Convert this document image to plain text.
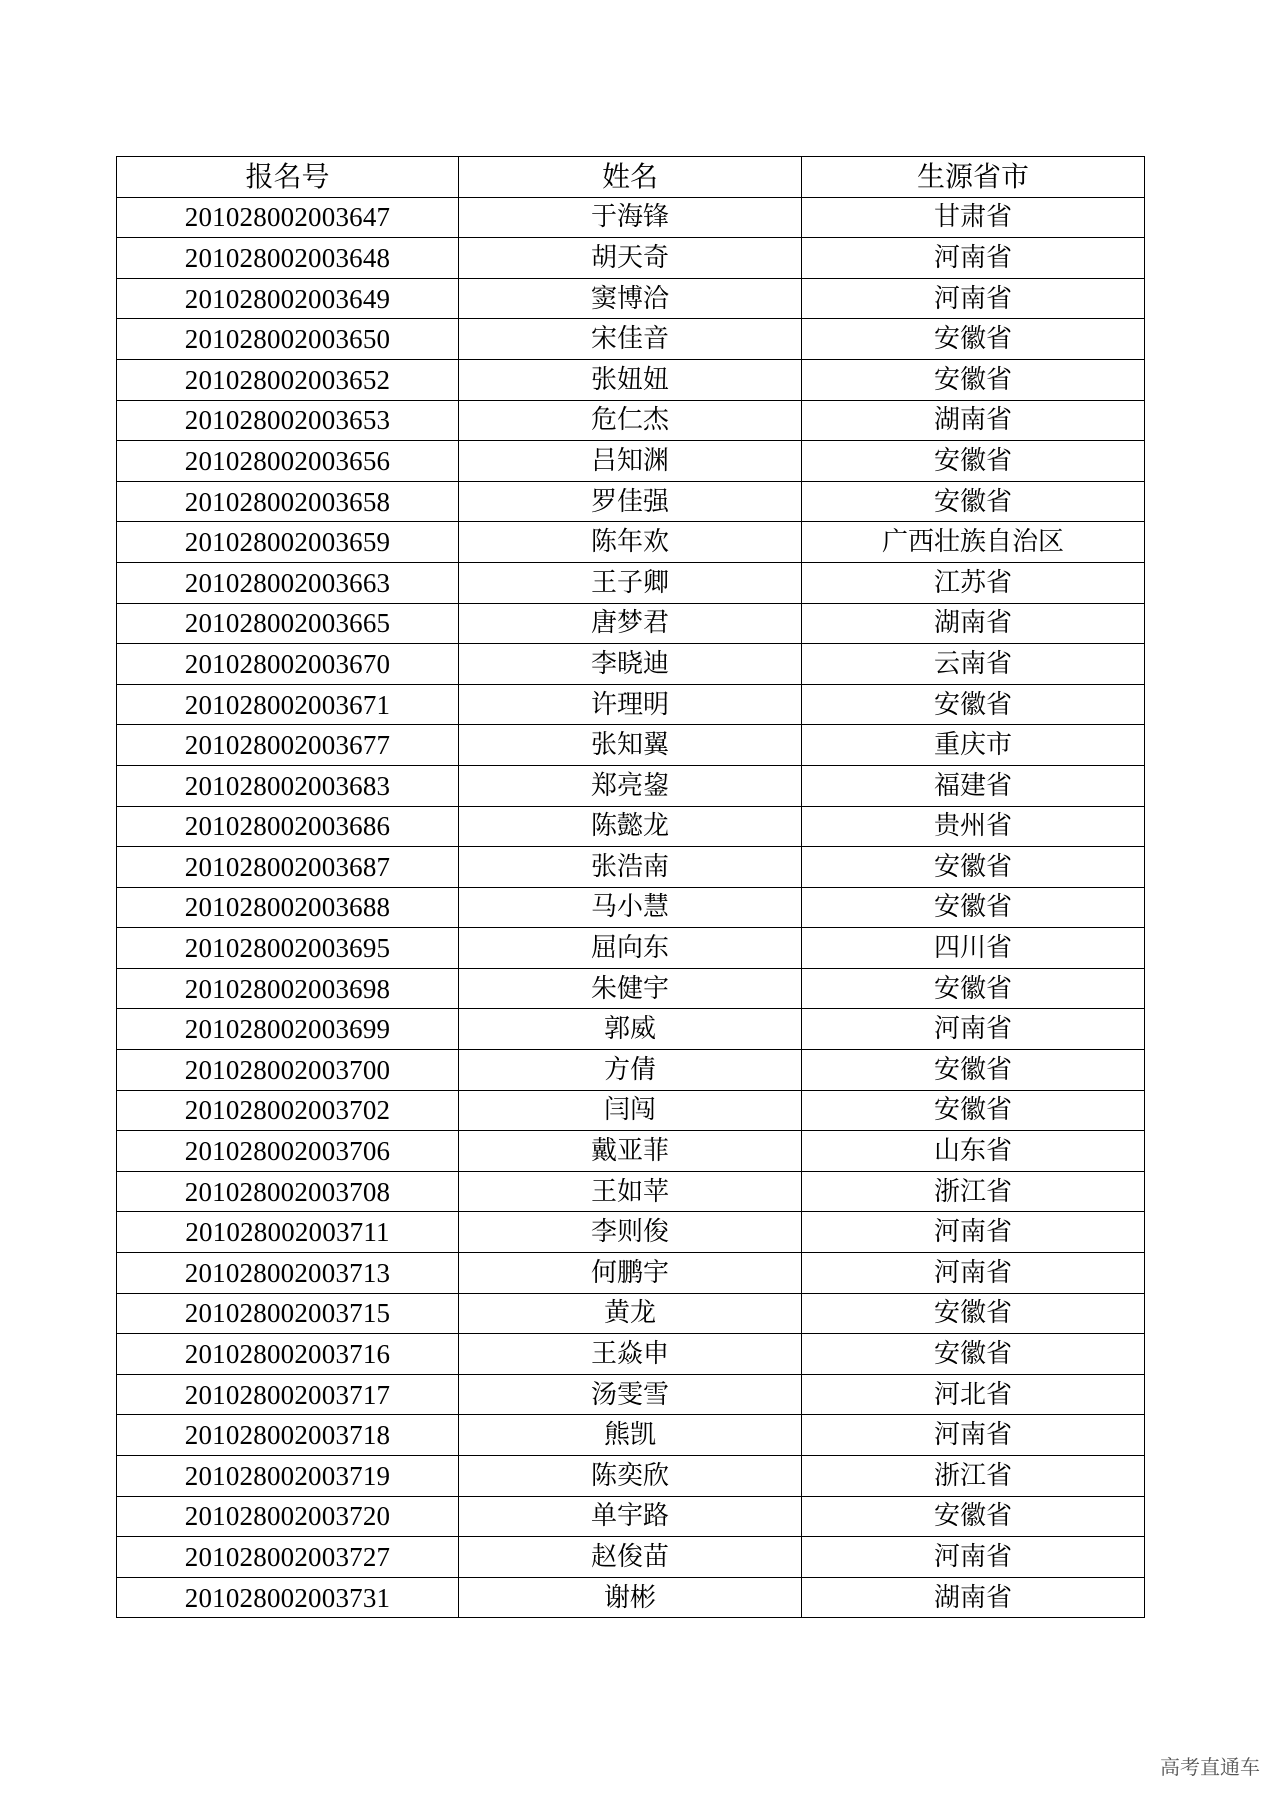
报名号	姓名	生源省市
201028002003647	于海锋	甘肃省
201028002003648	胡天奇	河南省
201028002003649	窦博洽	河南省
201028002003650	宋佳音	安徽省
201028002003652	张妞妞	安徽省
201028002003653	危仁杰	湖南省
201028002003656	吕知渊	安徽省
201028002003658	罗佳强	安徽省
201028002003659	陈年欢	广西壮族自治区
201028002003663	王子卿	江苏省
201028002003665	唐梦君	湖南省
201028002003670	李晓迪	云南省
201028002003671	许理明	安徽省
201028002003677	张知翼	重庆市
201028002003683	郑亮鋆	福建省
201028002003686	陈懿龙	贵州省
201028002003687	张浩南	安徽省
201028002003688	马小慧	安徽省
201028002003695	屈向东	四川省
201028002003698	朱健宇	安徽省
201028002003699	郭威	河南省
201028002003700	方倩	安徽省
201028002003702	闫闯	安徽省
201028002003706	戴亚菲	山东省
201028002003708	王如苹	浙江省
201028002003711	李则俊	河南省
201028002003713	何鹏宇	河南省
201028002003715	黄龙	安徽省
201028002003716	王焱申	安徽省
201028002003717	汤雯雪	河北省
201028002003718	熊凯	河南省
201028002003719	陈奕欣	浙江省
201028002003720	单宇路	安徽省
201028002003727	赵俊苗	河南省
201028002003731	谢彬	湖南省
高考直通车
